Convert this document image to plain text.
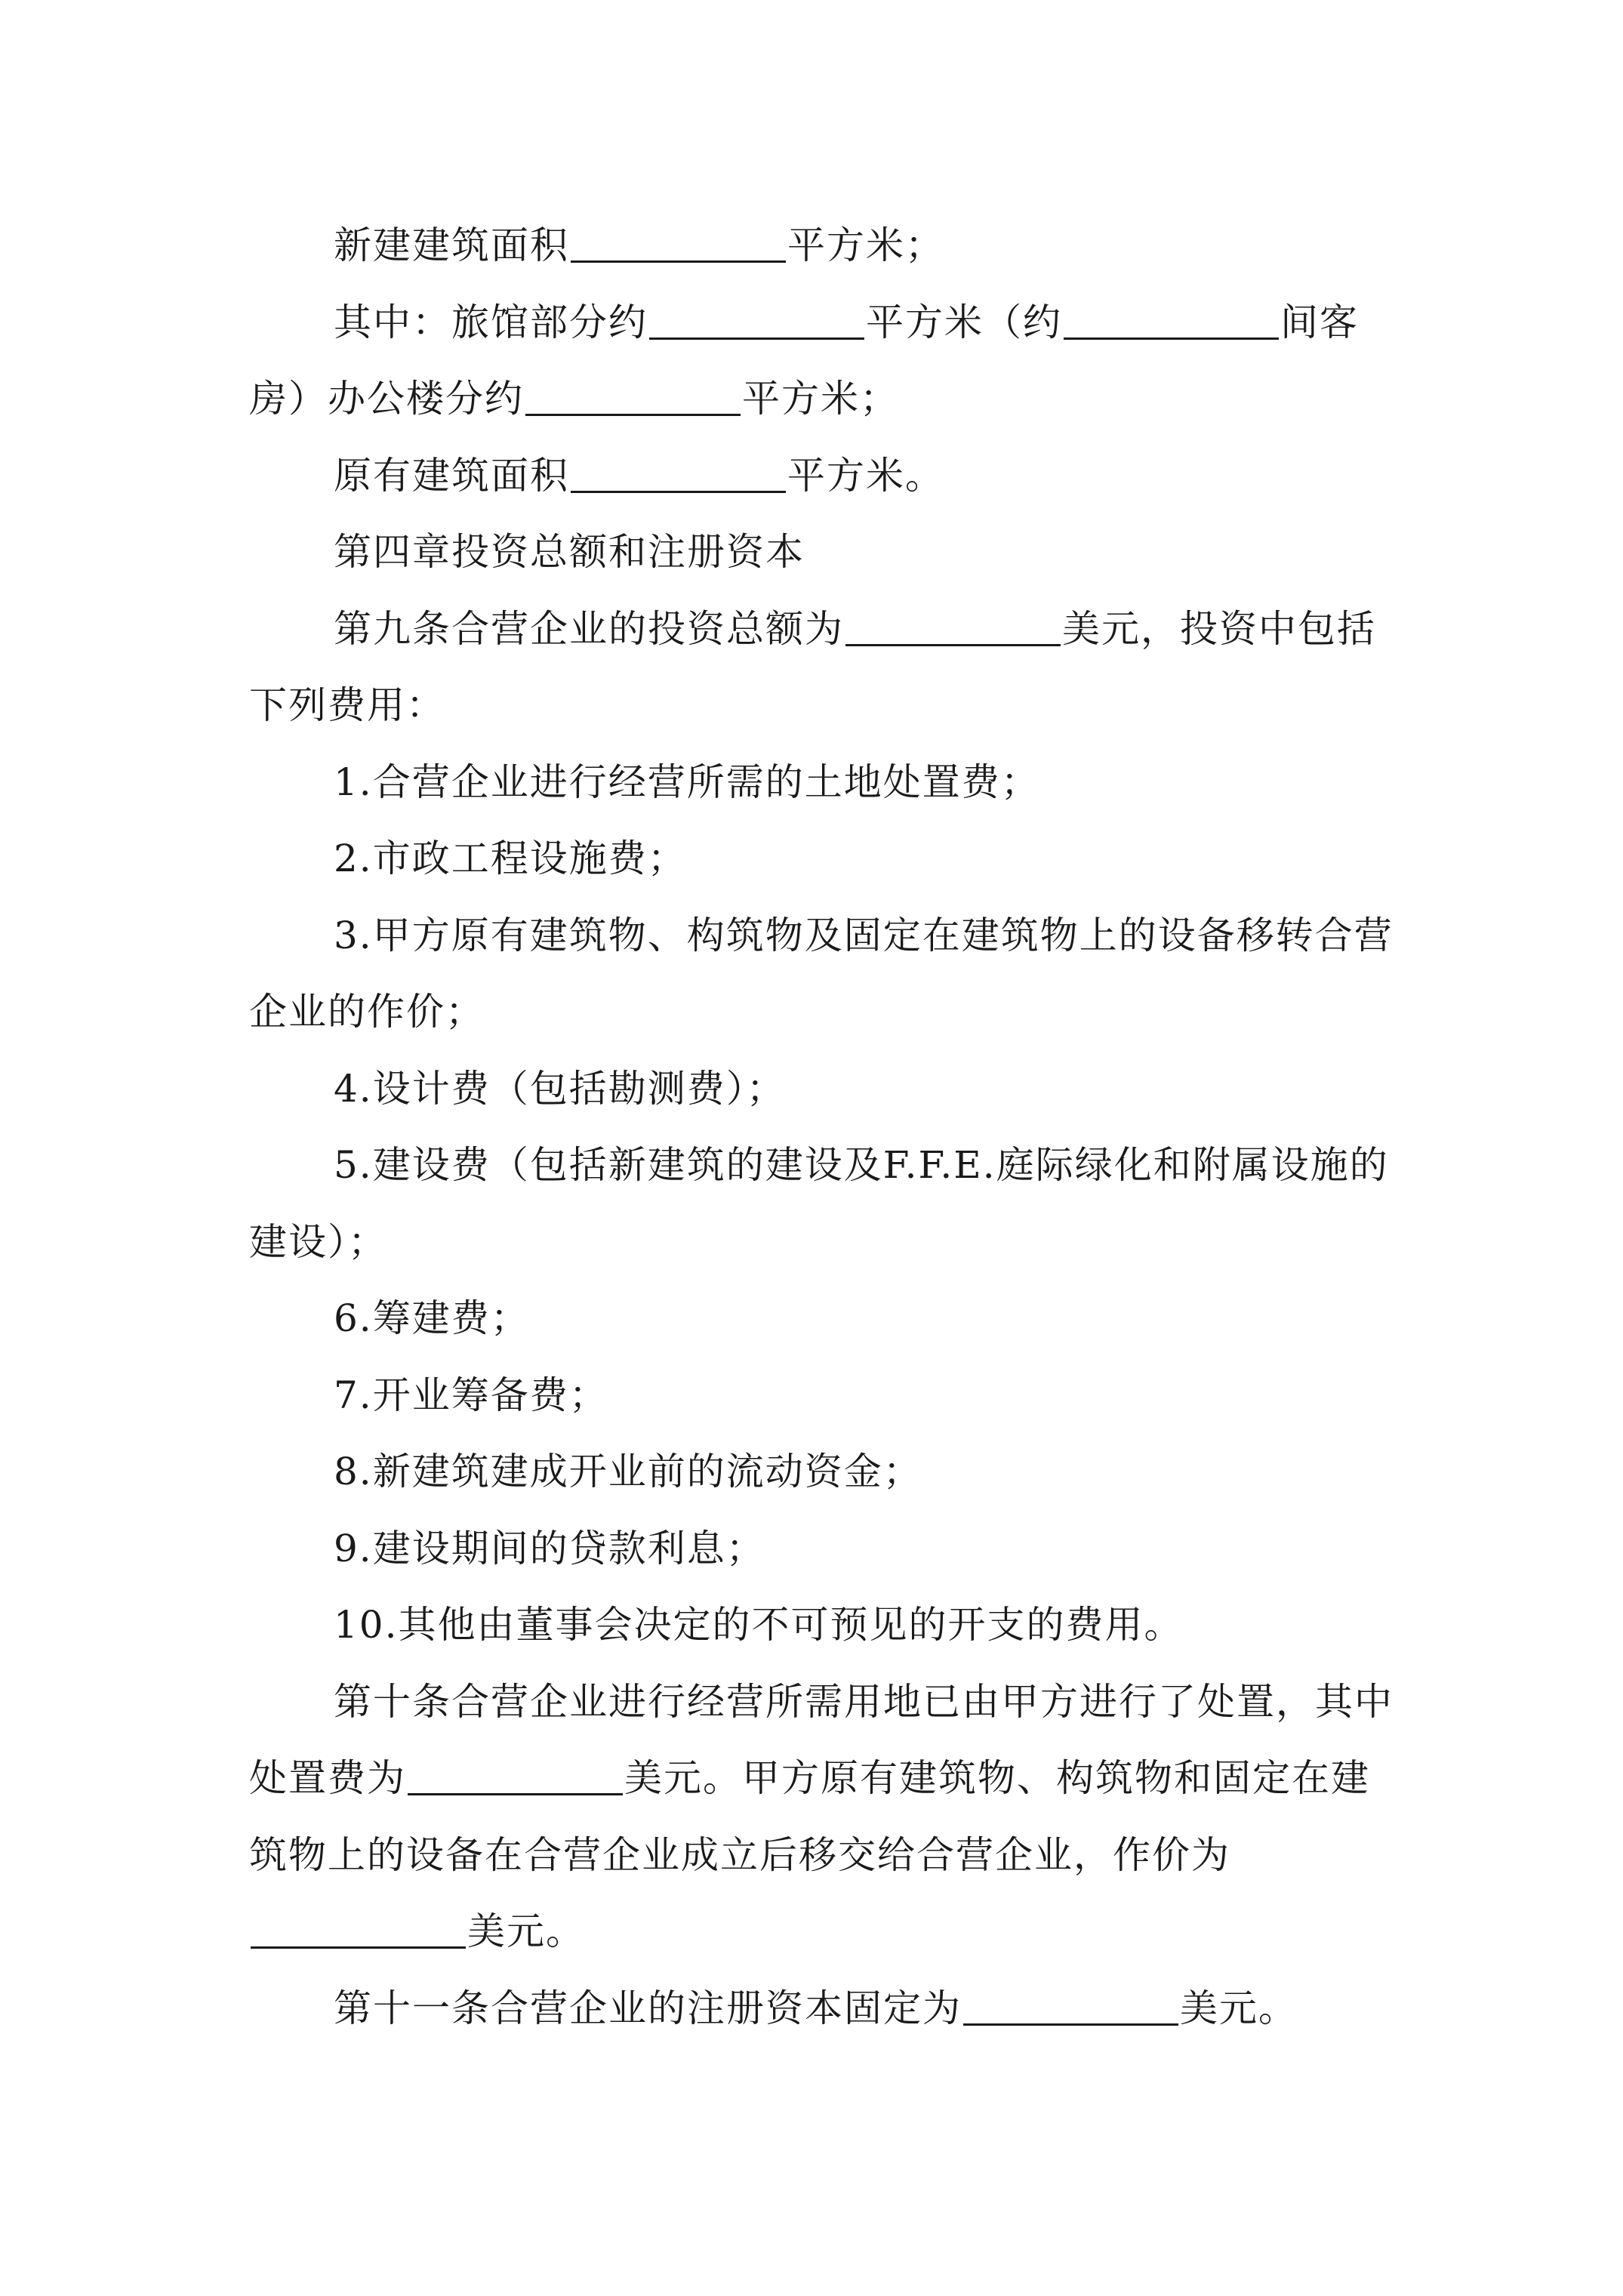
新建建筑面积	平方米；

其中：旅馆部分约	平方米（约	间客房）办公楼分约	平方米；

原有建筑面积	平方米。

第四章投资总额和注册资本

第九条合营企业的投资总额为	美元，投资中包括下列费用：

1.合营企业进行经营所需的土地处置费；

2.市政工程设施费；

3.甲方原有建筑物、构筑物及固定在建筑物上的设备移转合营企业的作价；

4.设计费（包括勘测费）；

5.建设费（包括新建筑的建设及F.F.E.庭际绿化和附属设施的建设）；

6.筹建费；

7.开业筹备费；

8.新建筑建成开业前的流动资金；

9.建设期间的贷款利息；

10.其他由董事会决定的不可预见的开支的费用。

第十条合营企业进行经营所需用地已由甲方进行了处置，其中处置费为	美元。甲方原有建筑物、构筑物和固定在建筑物上的设备在合营企业成立后移交给合营企业，作价为美元。

第十一条合营企业的注册资本固定为	美元。
